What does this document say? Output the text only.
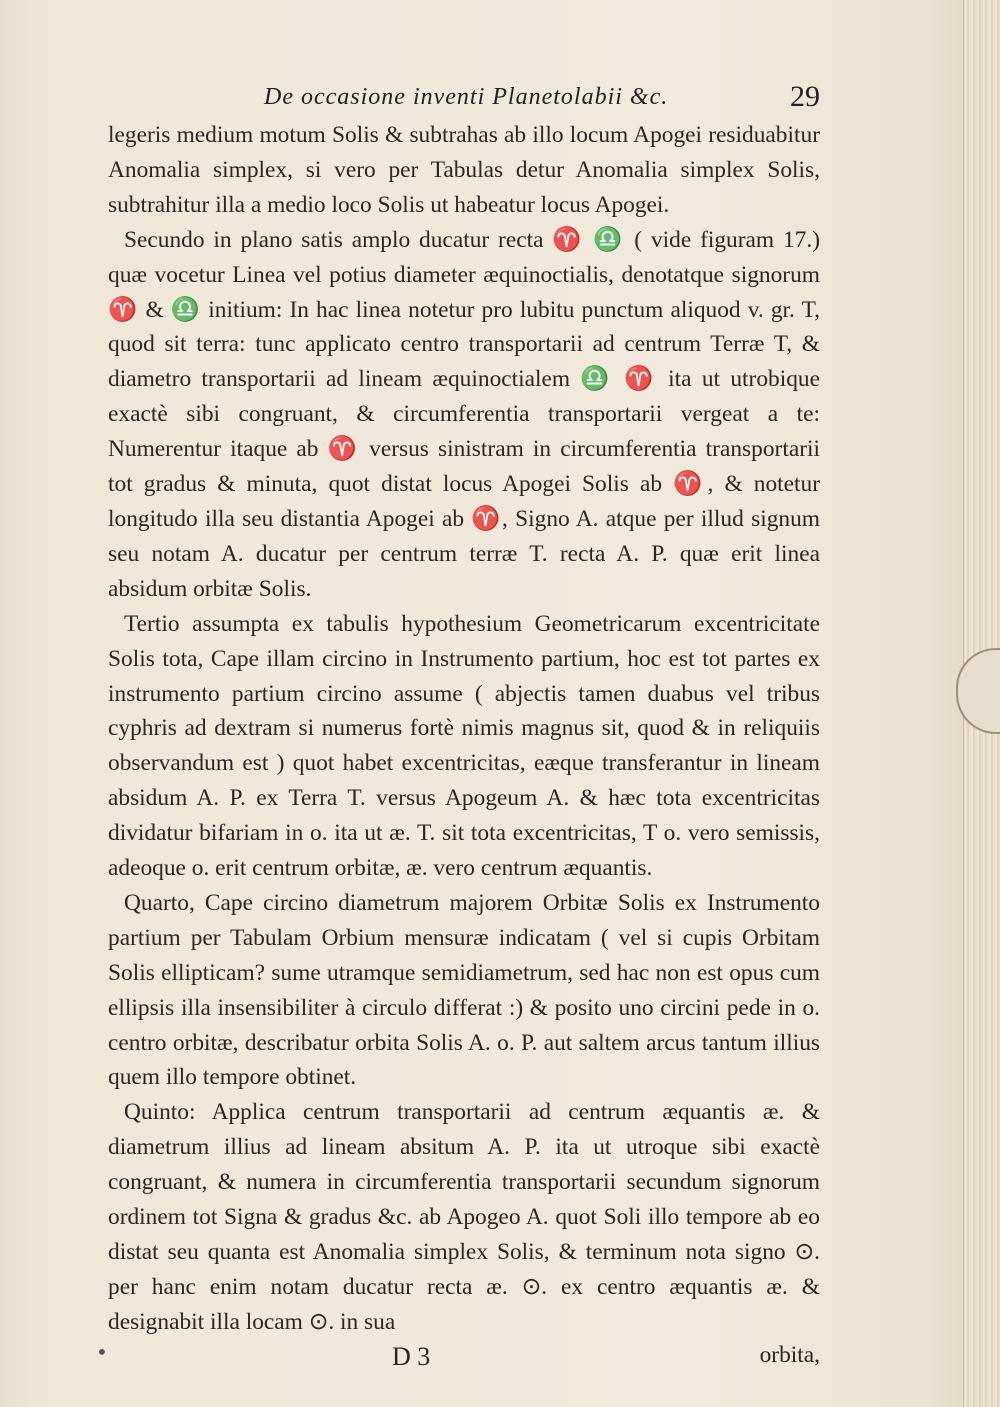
De occasione inventi Planetolabii &c.	29

legeris medium motum Solis & subtrahas ab illo locum Apogei residuabitur Anomalia simplex, si vero per Tabulas detur Anomalia simplex Solis, subtrahitur illa a medio loco Solis ut habeatur locus Apogei.

Secundo in plano satis amplo ducatur recta ♈ ♎ ( vide figuram 17.) quæ vocetur Linea vel potius diameter æquinoctialis, denotatque signorum ♈ & ♎ initium: In hac linea notetur pro lubitu punctum aliquod v. gr. T, quod sit terra: tunc applicato centro transportarii ad centrum Terræ T, & diametro transportarii ad lineam æquinoctialem ♎ ♈ ita ut utrobique exactè sibi congruant, & circumferentia transportarii vergeat a te: Numerentur itaque ab ♈ versus sinistram in circumferentia transportarii tot gradus & minuta, quot distat locus Apogei Solis ab ♈, & notetur longitudo illa seu distantia Apogei ab ♈, Signo A. atque per illud signum seu notam A. ducatur per centrum terræ T. recta A. P. quæ erit linea absidum orbitæ Solis.

Tertio assumpta ex tabulis hypothesium Geometricarum excentricitate Solis tota, Cape illam circino in Instrumento partium, hoc est tot partes ex instrumento partium circino assume ( abjectis tamen duabus vel tribus cyphris ad dextram si numerus fortè nimis magnus sit, quod & in reliquiis observandum est ) quot habet excentricitas, eæque transferantur in lineam absidum A. P. ex Terra T. versus Apogeum A. & hæc tota excentricitas dividatur bifariam in o. ita ut æ. T. sit tota excentricitas, T o. vero semissis, adeoque o. erit centrum orbitæ, æ. vero centrum æquantis.

Quarto, Cape circino diametrum majorem Orbitæ Solis ex Instrumento partium per Tabulam Orbium mensuræ indicatam ( vel si cupis Orbitam Solis ellipticam? sume utramque semidiametrum, sed hac non est opus cum ellipsis illa insensibiliter à circulo differat :) & posito uno circini pede in o. centro orbitæ, describatur orbita Solis A. o. P. aut saltem arcus tantum illius quem illo tempore obtinet.

Quinto: Applica centrum transportarii ad centrum æquantis æ. & diametrum illius ad lineam absitum A. P. ita ut utroque sibi exactè congruant, & numera in circumferentia transportarii secundum signorum ordinem tot Signa & gradus &c. ab Apogeo A. quot Soli illo tempore ab eo distat seu quanta est Anomalia simplex Solis, & terminum nota signo ⊙. per hanc enim notam ducatur recta æ. ⊙. ex centro æquantis æ. & designabit illa locam ⊙. in sua

•	D 3	orbita,
